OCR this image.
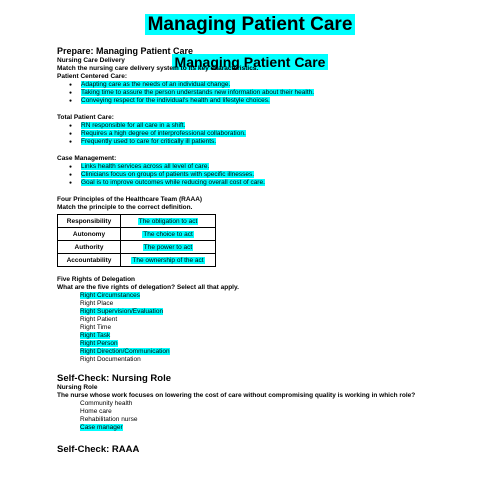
Managing Patient Care
Managing Patient Care

Prepare: Managing Patient Care

Nursing Care Delivery

Match the nursing care delivery system to its key characteristics.

Patient Centered Care:

● Adapting care as the needs of an individual change.
● Taking time to assure the person understands new information about their health.
● Conveying respect for the individual's health and lifestyle choices.

Total Patient Care:

● RN responsible for all care in a shift.
● Requires a high degree of interprofessional collaboration.
● Frequently used to care for critically ill patients.

Case Management:

● Links health services across all level of care.
● Clinicians focus on groups of patients with specific illnesses.
● Goal is to improve outcomes while reducing overall cost of care.

Four Principles of the Healthcare Team (RAAA)

Match the principle to the correct definition.

Responsibility	The obligation to act
Autonomy	The choice to act
Authority	The power to act
Accountability	The ownership of the act

Five Rights of Delegation

What are the five rights of delegation? Select all that apply.

Right Circumstances
Right Place
Right Supervision/Evaluation
Right Patient
Right Time
Right Task
Right Person
Right Direction/Communication
Right Documentation

Self-Check: Nursing Role

Nursing Role

The nurse whose work focuses on lowering the cost of care without compromising quality is working in which role?

Community health
Home care
Rehabilitation nurse
Case manager

Self-Check: RAAA
